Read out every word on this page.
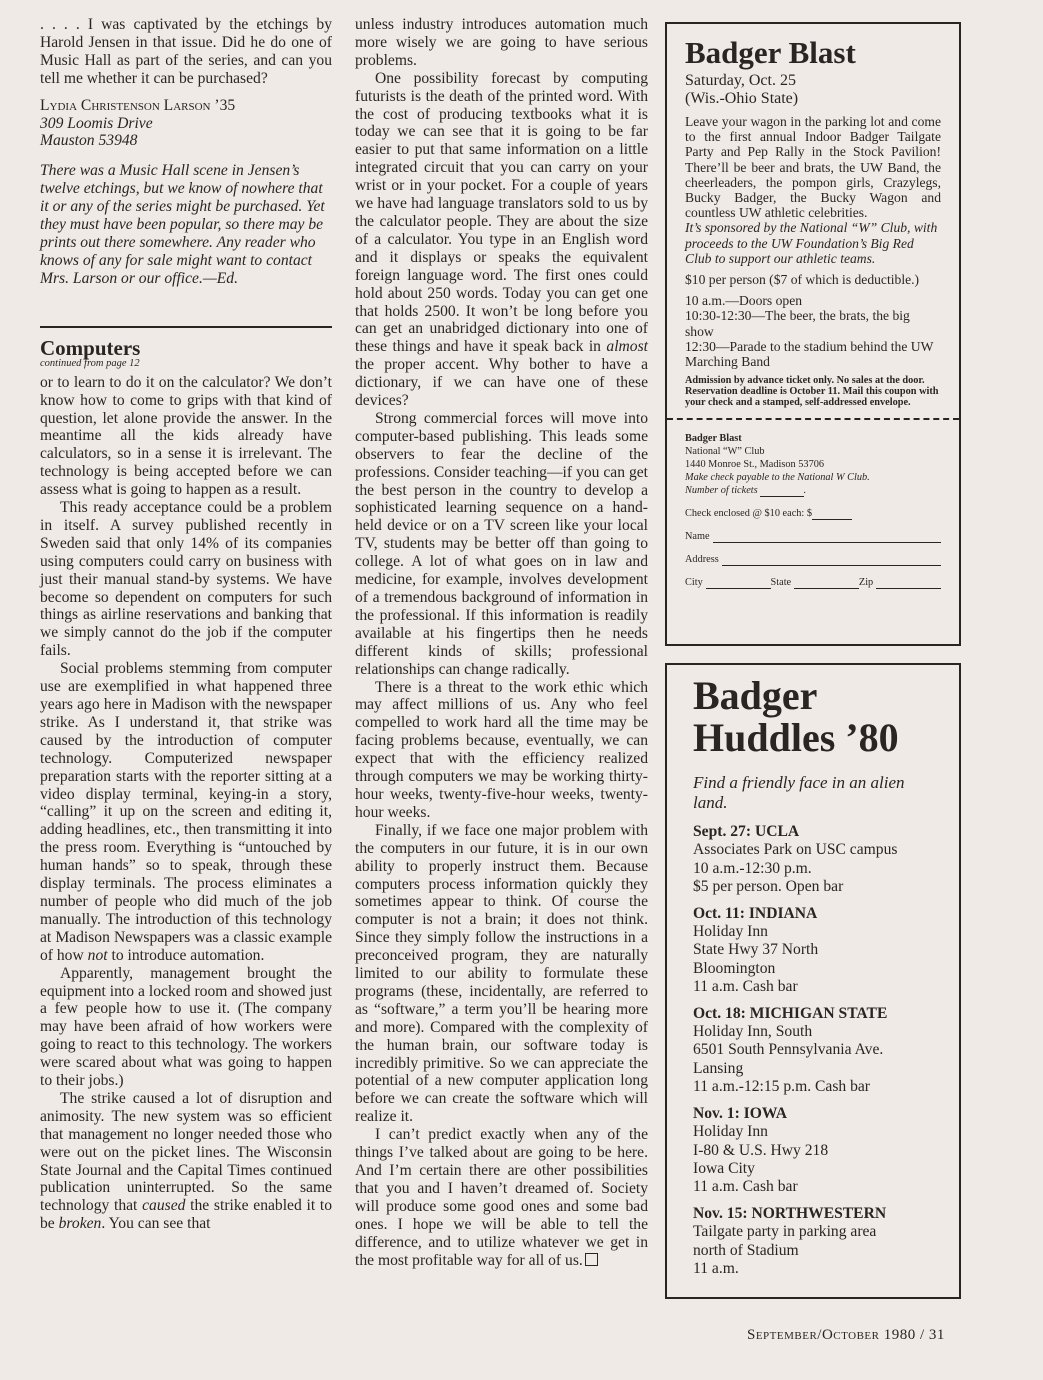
. . . . I was captivated by the etchings by Harold Jensen in that issue. Did he do one of Music Hall as part of the series, and can you tell me whether it can be purchased?

Lydia Christenson Larson ’35
309 Loomis Drive
Mauston 53948

There was a Music Hall scene in Jensen’s twelve etchings, but we know of nowhere that it or any of the series might be purchased. Yet they must have been popular, so there may be prints out there somewhere. Any reader who knows of any for sale might want to contact Mrs. Larson or our office.—Ed.

Computers
continued from page 12

or to learn to do it on the calculator? We don’t know how to come to grips with that kind of question, let alone provide the answer. In the meantime all the kids already have calculators, so in a sense it is irrelevant. The technology is being accepted before we can assess what is going to happen as a result.

This ready acceptance could be a problem in itself. A survey published recently in Sweden said that only 14% of its companies using computers could carry on business with just their manual stand-by systems. We have become so dependent on computers for such things as airline reservations and banking that we simply cannot do the job if the computer fails.

Social problems stemming from computer use are exemplified in what happened three years ago here in Madison with the newspaper strike. As I understand it, that strike was caused by the introduction of computer technology. Computerized newspaper preparation starts with the reporter sitting at a video display terminal, keying-in a story, “calling” it up on the screen and editing it, adding headlines, etc., then transmitting it into the press room. Everything is “untouched by human hands” so to speak, through these display terminals. The process eliminates a number of people who did much of the job manually. The introduction of this technology at Madison Newspapers was a classic example of how not to introduce automation.

Apparently, management brought the equipment into a locked room and showed just a few people how to use it. (The company may have been afraid of how workers were going to react to this technology. The workers were scared about what was going to happen to their jobs.)

The strike caused a lot of disruption and animosity. The new system was so efficient that management no longer needed those who were out on the picket lines. The Wisconsin State Journal and the Capital Times continued publication uninterrupted. So the same technology that caused the strike enabled it to be broken. You can see that

unless industry introduces automation much more wisely we are going to have serious problems.

One possibility forecast by computing futurists is the death of the printed word. With the cost of producing textbooks what it is today we can see that it is going to be far easier to put that same information on a little integrated circuit that you can carry on your wrist or in your pocket. For a couple of years we have had language translators sold to us by the calculator people. They are about the size of a calculator. You type in an English word and it displays or speaks the equivalent foreign language word. The first ones could hold about 250 words. Today you can get one that holds 2500. It won’t be long before you can get an unabridged dictionary into one of these things and have it speak back in almost the proper accent. Why bother to have a dictionary, if we can have one of these devices?

Strong commercial forces will move into computer-based publishing. This leads some observers to fear the decline of the professions. Consider teaching—if you can get the best person in the country to develop a sophisticated learning sequence on a hand-held device or on a TV screen like your local TV, students may be better off than going to college. A lot of what goes on in law and medicine, for example, involves development of a tremendous background of information in the professional. If this information is readily available at his fingertips then he needs different kinds of skills; professional relationships can change radically.

There is a threat to the work ethic which may affect millions of us. Any who feel compelled to work hard all the time may be facing problems because, eventually, we can expect that with the efficiency realized through computers we may be working thirty-hour weeks, twenty-five-hour weeks, twenty-hour weeks.

Finally, if we face one major problem with the computers in our future, it is in our own ability to properly instruct them. Because computers process information quickly they sometimes appear to think. Of course the computer is not a brain; it does not think. Since they simply follow the instructions in a preconceived program, they are naturally limited to our ability to formulate these programs (these, incidentally, are referred to as “software,” a term you’ll be hearing more and more). Compared with the complexity of the human brain, our software today is incredibly primitive. So we can appreciate the potential of a new computer application long before we can create the software which will realize it.

I can’t predict exactly when any of the things I’ve talked about are going to be here. And I’m certain there are other possibilities that you and I haven’t dreamed of. Society will produce some good ones and some bad ones. I hope we will be able to tell the difference, and to utilize whatever we get in the most profitable way for all of us.

Badger Blast
Saturday, Oct. 25
(Wis.-Ohio State)

Leave your wagon in the parking lot and come to the first annual Indoor Badger Tailgate Party and Pep Rally in the Stock Pavilion! There’ll be beer and brats, the UW Band, the cheerleaders, the pompon girls, Crazylegs, Bucky Badger, the Bucky Wagon and countless UW athletic celebrities.

It’s sponsored by the National “W” Club, with proceeds to the UW Foundation’s Big Red Club to support our athletic teams.

$10 per person ($7 of which is deductible.)

10 a.m.—Doors open

10:30-12:30—The beer, the brats, the big show

12:30—Parade to the stadium behind the UW Marching Band

Admission by advance ticket only. No sales at the door. Reservation deadline is October 11. Mail this coupon with your check and a stamped, self-addressed envelope.

Badger Blast
National “W” Club
1440 Monroe St., Madison 53706
Make check payable to the National W Club.
Number of tickets	.
Check enclosed @ $10 each: $
Name
Address
City	State	Zip
Badger Huddles ’80
Find a friendly face in an alien land.
Sept. 27: UCLA
Associates Park on USC campus
10 a.m.-12:30 p.m.
$5 per person. Open bar
Oct. 11: INDIANA
Holiday Inn
State Hwy 37 North
Bloomington
11 a.m. Cash bar
Oct. 18: MICHIGAN STATE
Holiday Inn, South
6501 South Pennsylvania Ave.
Lansing
11 a.m.-12:15 p.m. Cash bar
Nov. 1: IOWA
Holiday Inn
I-80 & U.S. Hwy 218
Iowa City
11 a.m. Cash bar
Nov. 15: NORTHWESTERN
Tailgate party in parking area
north of Stadium
11 a.m.
September/October 1980 / 31
